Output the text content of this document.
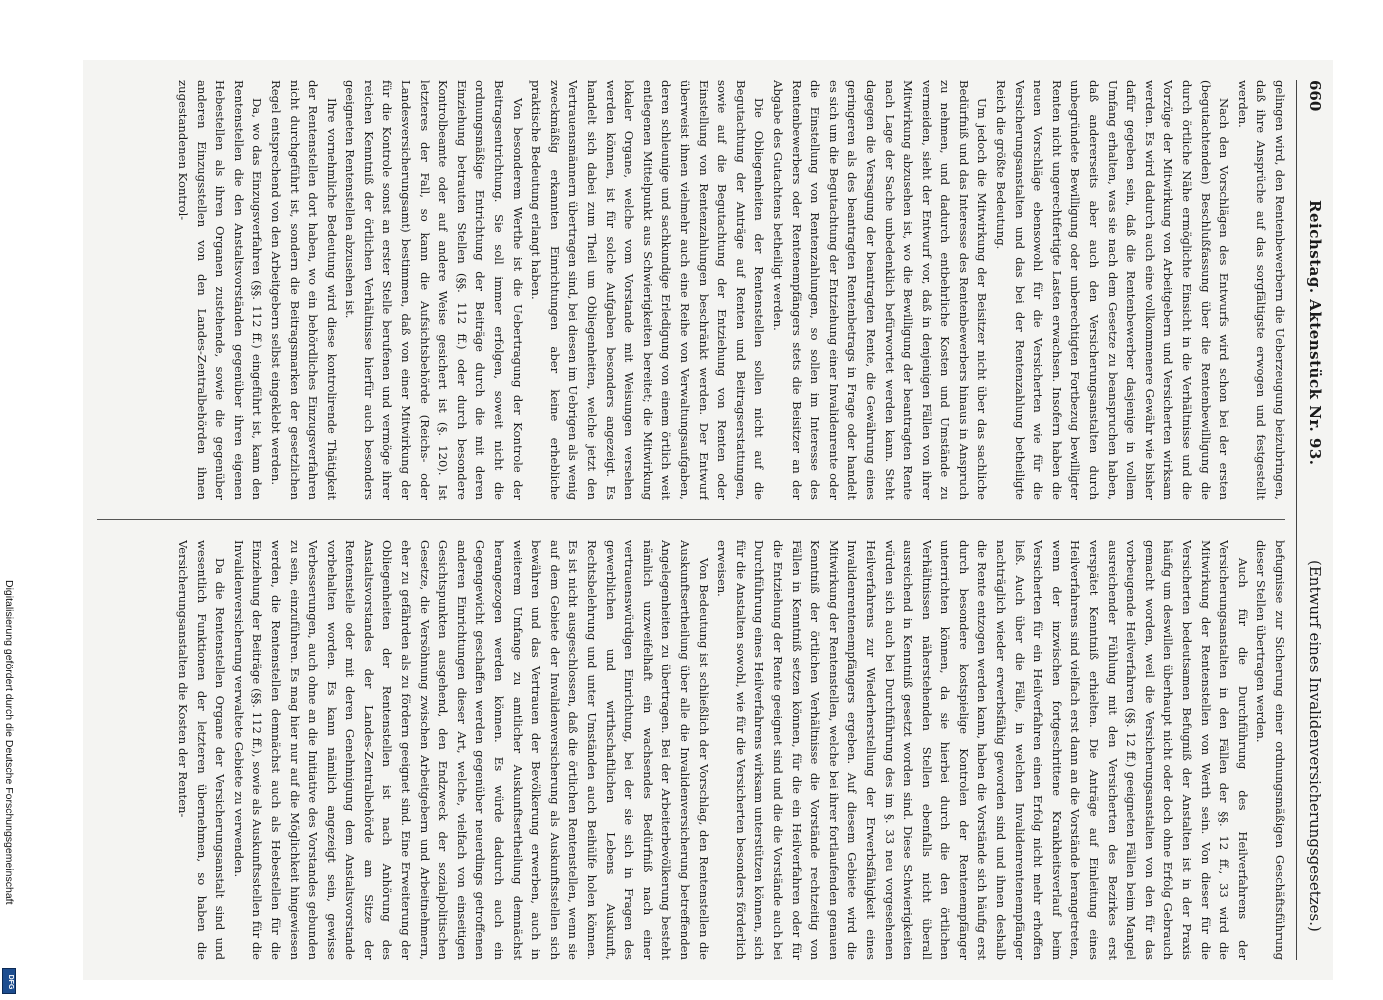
660
Reichstag. Aktenstück Nr. 93.
(Entwurf eines Invalidenversicherungsgesetzes.)

gelingen wird, den Rentenbewerbern die Ueberzeugung beizubringen, daß ihre Ansprüche auf das sorgfältigste erwogen und festgestellt werden.

Nach den Vorschlägen des Entwurfs wird schon bei der ersten (begutachtenden) Beschlußfassung über die Rentenbewilligung die durch örtliche Nähe ermöglichte Einsicht in die Verhältnisse und die Vorzüge der Mitwirkung von Arbeitgebern und Versicherten wirksam werden. Es wird dadurch auch eine vollkommenere Gewähr wie bisher dafür gegeben sein, daß die Rentenbewerber dasjenige in vollem Umfang erhalten, was sie nach dem Gesetze zu beanspruchen haben, daß andererseits aber auch den Versicherungsanstalten durch unbegründete Bewilligung oder unberechtigten Fortbezug bewilligter Renten nicht ungerechtfertigte Lasten erwachsen. Insofern haben die neuen Vorschläge ebensowohl für die Versicherten wie für die Versicherungsanstalten und das bei der Rentenzahlung betheiligte Reich die größte Bedeutung.

Um jedoch die Mitwirkung der Beisitzer nicht über das sachliche Bedürfniß und das Interesse des Rentenbewerbers hinaus in Anspruch zu nehmen, und dadurch entbehrliche Kosten und Umstände zu vermeiden, sieht der Entwurf vor, daß in denjenigen Fällen von ihrer Mitwirkung abzusehen ist, wo die Bewilligung der beantragten Rente nach Lage der Sache unbedenklich befürwortet werden kann. Steht dagegen die Versagung der beantragten Rente, die Gewährung eines geringeren als des beantragten Rentenbetrags in Frage oder handelt es sich um die Begutachtung der Entziehung einer Invalidenrente oder die Einstellung von Rentenzahlungen, so sollen im Interesse des Rentenbewerbers oder Rentenempfängers stets die Beisitzer an der Abgabe des Gutachtens betheiligt werden.

Die Obliegenheiten der Rentenstellen sollen nicht auf die Begutachtung der Anträge auf Renten und Beitragserstattungen, sowie auf die Begutachtung der Entziehung von Renten oder Einstellung von Rentenzahlungen beschränkt werden. Der Entwurf überweist ihnen vielmehr auch eine Reihe von Verwaltungsaufgaben, deren schleunige und sachkundige Erledigung von einem örtlich weit entlegenen Mittelpunkt aus Schwierigkeiten bereitet; die Mitwirkung lokaler Organe, welche vom Vorstande mit Weisungen versehen werden können, ist für solche Aufgaben besonders angezeigt. Es handelt sich dabei zum Theil um Obliegenheiten, welche jetzt den Vertrauensmännern übertragen sind, bei diesen im Uebrigen als wenig zweckmäßig erkannten Einrichtungen aber keine erhebliche praktische Bedeutung erlangt haben.

Von besonderem Werthe ist die Uebertragung der Kontrole der Beitragsentrichtung. Sie soll immer erfolgen, soweit nicht die ordnungsmäßige Entrichtung der Beiträge durch die mit deren Einziehung betrauten Stellen (§§. 112 ff.) oder durch besondere Kontrolbeamte oder auf andere Weise gesichert ist (§. 120). Ist letzteres der Fall, so kann die Aufsichtsbehörde (Reichs- oder Landesversicherungsamt) bestimmen, daß von einer Mitwirkung der für die Kontrole sonst an erster Stelle berufenen und vermöge ihrer reichen Kenntniß der örtlichen Verhältnisse hierfür auch besonders geeigneten Rentenstellen abzusehen ist.

Ihre vornehmliche Bedeutung wird diese kontrolirende Thätigkeit der Rentenstellen dort haben, wo ein behördliches Einzugsverfahren nicht durchgeführt ist, sondern die Beitragsmarken der gesetzlichen Regel entsprechend von den Arbeitgebern selbst eingeklebt werden.

Da, wo das Einzugsverfahren (§§. 112 ff.) eingeführt ist, kann den Rentenstellen die den Anstaltsvorständen gegenüber ihren eigenen Hebestellen als ihren Organen zustehende, sowie die gegenüber anderen Einzugsstellen von den Landes-Zentralbehörden ihnen zugestandenen Kontrol-

befugnisse zur Sicherung einer ordnungsmäßigen Geschäftsführung dieser Stellen übertragen werden.

Auch für die Durchführung des Heilverfahrens der Versicherungsanstalten in den Fällen der §§. 12 ff., 33 wird die Mitwirkung der Rentenstellen von Werth sein. Von dieser für die Versicherten bedeutsamen Befugniß der Anstalten ist in der Praxis häufig um deswillen überhaupt nicht oder doch ohne Erfolg Gebrauch gemacht worden, weil die Versicherungsanstalten von den für das vorbeugende Heilverfahren (§§. 12 ff.) geeigneten Fällen beim Mangel ausreichender Fühlung mit den Versicherten des Bezirkes erst verspätet Kenntniß erhielten. Die Anträge auf Einleitung eines Heilverfahrens sind vielfach erst dann an die Vorstände herangetreten, wenn der inzwischen fortgeschrittene Krankheitsverlauf beim Versicherten für ein Heilverfahren einen Erfolg nicht mehr erhoffen ließ. Auch über die Fälle, in welchen Invalidenrentenempfänger nachträglich wieder erwerbsfähig geworden sind und ihnen deshalb die Rente entzogen werden kann, haben die Vorstände sich häufig erst durch besondere kostspielige Kontrolen der Rentenempfänger unterrichten können, da sie hierbei durch die den örtlichen Verhältnissen näherstehenden Stellen ebenfalls nicht überall ausreichend in Kenntniß gesetzt worden sind. Diese Schwierigkeiten würden sich auch bei Durchführung des im §. 33 neu vorgesehenen Heilverfahrens zur Wiederherstellung der Erwerbsfähigkeit eines Invalidenrentenempfängers ergeben. Auf diesem Gebiete wird die Mitwirkung der Rentenstellen, welche bei ihrer fortlaufenden genauen Kenntniß der örtlichen Verhältnisse die Vorstände rechtzeitig von Fällen in Kenntniß setzen können, für die ein Heilverfahren oder für die Entziehung der Rente geeignet sind und die die Vorstände auch bei Durchführung eines Heilverfahrens wirksam unterstützen können, sich für die Anstalten sowohl, wie für die Versicherten besonders förderlich erweisen.

Von Bedeutung ist schließlich der Vorschlag, den Rentenstellen die Auskunftsertheilung über alle die Invalidenversicherung betreffenden Angelegenheiten zu übertragen. Bei der Arbeiterbevölkerung besteht nämlich unzweifelhaft ein wachsendes Bedürfniß nach einer vertrauenswürdigen Einrichtung, bei der sie sich in Fragen des gewerblichen und wirthschaftlichen Lebens Auskunft, Rechtsbelehrung und unter Umständen auch Beihülfe holen können. Es ist nicht ausgeschlossen, daß die örtlichen Rentenstellen, wenn sie auf dem Gebiete der Invalidenversicherung als Auskunftsstellen sich bewähren und das Vertrauen der Bevölkerung erwerben, auch in weiterem Umfange zu amtlicher Auskunftsertheilung demnächst herangezogen werden können. Es würde dadurch auch ein Gegengewicht geschaffen werden gegenüber neuerdings getroffenen anderen Einrichtungen dieser Art, welche, vielfach von einseitigen Gesichtspunkten ausgehend, den Endzweck der sozialpolitischen Gesetze, die Versöhnung zwischen Arbeitgebern und Arbeitnehmern, eher zu gefährden als zu fördern geeignet sind. Eine Erweiterung der Obliegenheiten der Rentenstellen ist nach Anhörung des Anstaltsvorstandes der Landes-Zentralbehörde am Sitze der Rentenstelle oder mit deren Genehmigung dem Anstaltsvorstande vorbehalten worden. Es kann nämlich angezeigt sein, gewisse Verbesserungen, auch ohne an die Initiative des Vorstandes gebunden zu sein, einzuführen. Es mag hier nur auf die Möglichkeit hingewiesen werden, die Rentenstellen demnächst auch als Hebestellen für die Einziehung der Beiträge (§§. 112 ff.), sowie als Auskunftsstellen für die Invalidenversicherung verwaltete Gebiete zu verwenden.

Da die Rentenstellen Organe der Versicherungsanstalt sind und wesentlich Funktionen der letzteren übernehmen, so haben die Versicherungsanstalten die Kosten der Renten-

Digitalisierung gefördert durch die Deutsche Forschungsgemeinschaft
DFG
